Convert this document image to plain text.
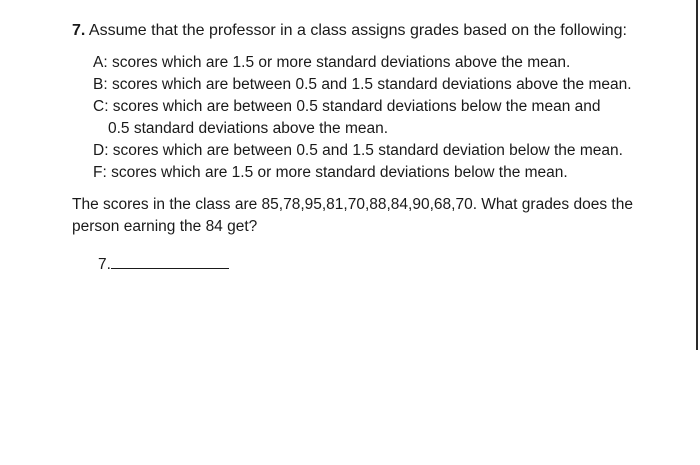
7. Assume that the professor in a class assigns grades based on the following:

A: scores which are 1.5 or more standard deviations above the mean.

B: scores which are between 0.5 and 1.5 standard deviations above the mean.

C: scores which are between 0.5 standard deviations below the mean and

0.5 standard deviations above the mean.

D: scores which are between 0.5 and 1.5 standard deviation below the mean.

F: scores which are 1.5 or more standard deviations below the mean.

The scores in the class are 85,78,95,81,70,88,84,90,68,70. What grades does the
person earning the 84 get?
7.
